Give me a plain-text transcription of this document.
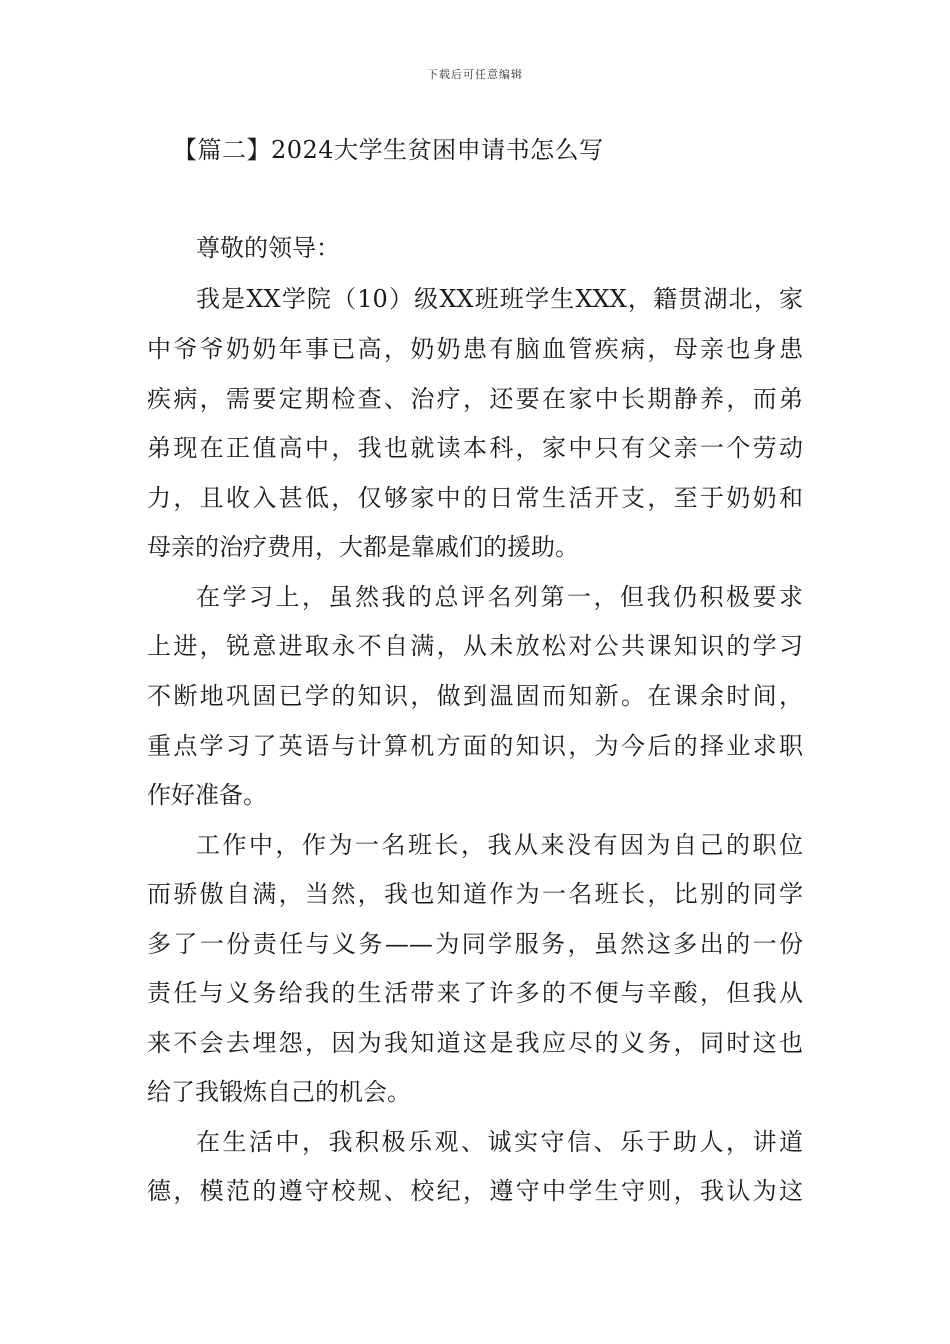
下载后可任意编辑
【篇二】2024大学生贫困申请书怎么写
尊敬的领导：
我是XX学院（10）级XX班班学生XXX，籍贯湖北，家
中爷爷奶奶年事已高，奶奶患有脑血管疾病，母亲也身患
疾病，需要定期检查、治疗，还要在家中长期静养，而弟
弟现在正值高中，我也就读本科，家中只有父亲一个劳动
力，且收入甚低，仅够家中的日常生活开支，至于奶奶和
母亲的治疗费用，大都是靠戚们的援助。
在学习上，虽然我的总评名列第一，但我仍积极要求
上进，锐意进取永不自满，从未放松对公共课知识的学习
不断地巩固已学的知识，做到温固而知新。在课余时间，
重点学习了英语与计算机方面的知识，为今后的择业求职
作好准备。
工作中，作为一名班长，我从来没有因为自己的职位
而骄傲自满，当然，我也知道作为一名班长，比别的同学
多了一份责任与义务——为同学服务，虽然这多出的一份
责任与义务给我的生活带来了许多的不便与辛酸，但我从
来不会去埋怨，因为我知道这是我应尽的义务，同时这也
给了我锻炼自己的机会。
在生活中，我积极乐观、诚实守信、乐于助人，讲道
德，模范的遵守校规、校纪，遵守中学生守则，我认为这
